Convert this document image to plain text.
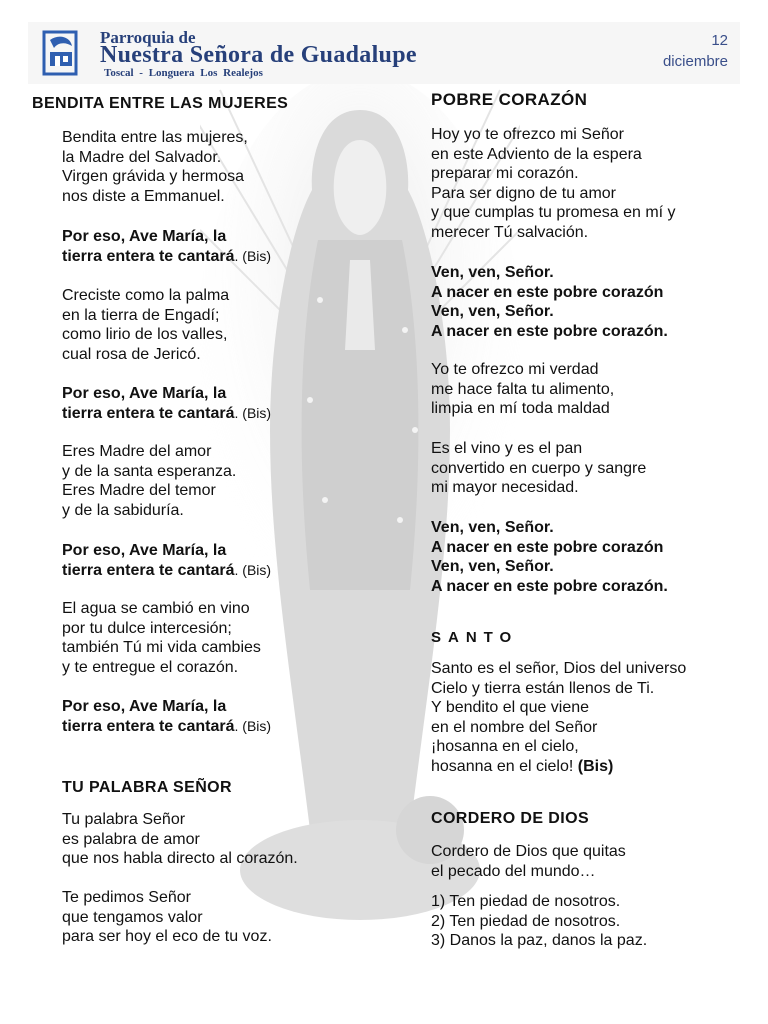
Parroquia de
Nuestra Señora de Guadalupe
Toscal - Longuera Los Realejos
12
diciembre
BENDITA ENTRE LAS MUJERES

Bendita entre las mujeres,
la Madre del Salvador.
Virgen grávida y hermosa
nos diste a Emmanuel.

Por eso, Ave María, la
tierra entera te cantará. (Bis)

Creciste como la palma
en la tierra de Engadí;
como lirio de los valles,
cual rosa de Jericó.

Por eso, Ave María, la
tierra entera te cantará. (Bis)

Eres Madre del amor
y de la santa esperanza.
Eres Madre del temor
y de la sabiduría.

Por eso, Ave María, la
tierra entera te cantará. (Bis)

El agua se cambió en vino
por tu dulce intercesión;
también Tú mi vida cambies
y te entregue el corazón.

Por eso, Ave María, la
tierra entera te cantará. (Bis)

TU PALABRA SEÑOR

Tu palabra Señor
es palabra de amor
que nos habla directo al corazón.

Te pedimos Señor
que tengamos valor
para ser hoy el eco de tu voz.

POBRE CORAZÓN

Hoy yo te ofrezco mi Señor
en este Adviento de la espera
preparar mi corazón.
Para ser digno de tu amor
y que cumplas tu promesa en mí y
merecer Tú salvación.

Ven, ven, Señor.
A nacer en este pobre corazón
Ven, ven, Señor.
A nacer en este pobre corazón.

Yo te ofrezco mi verdad
me hace falta tu alimento,
limpia en mí toda maldad

Es el vino y es el pan
convertido en cuerpo y sangre
mi mayor necesidad.

Ven, ven, Señor.
A nacer en este pobre corazón
Ven, ven, Señor.
A nacer en este pobre corazón.

SANTO

Santo es el señor, Dios del universo
Cielo y tierra están llenos de Ti.
Y bendito el que viene
en el nombre del Señor
¡hosanna en el cielo,
hosanna en el cielo! (Bis)

CORDERO DE DIOS

Cordero de Dios que quitas
el pecado del mundo…

1) Ten piedad de nosotros.
2) Ten piedad de nosotros.
3) Danos la paz, danos la paz.
